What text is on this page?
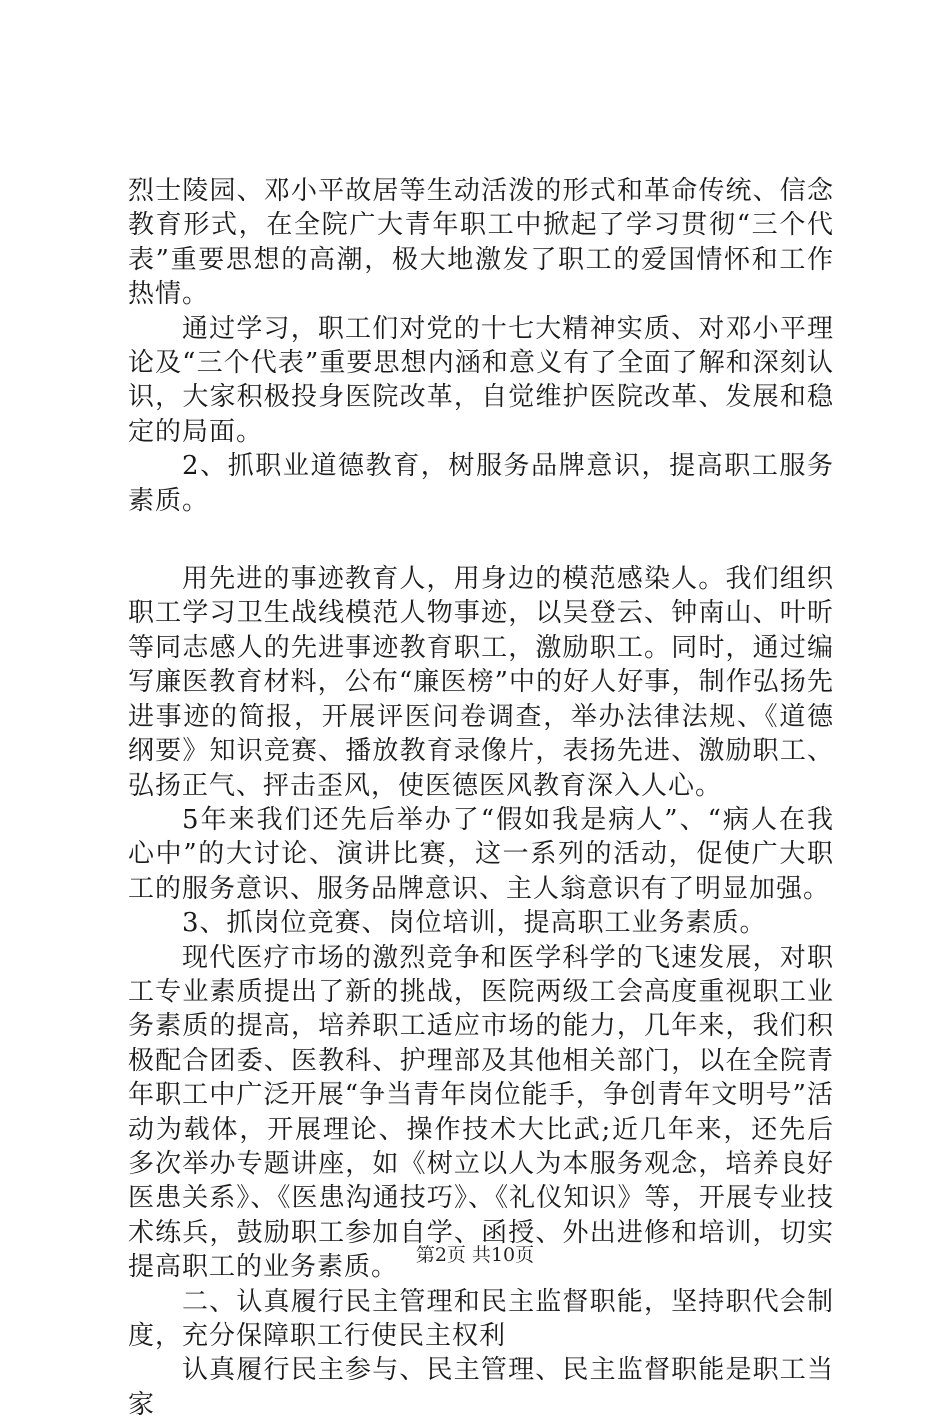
烈士陵园、邓小平故居等生动活泼的形式和革命传统、信念教育形式，在全院广大青年职工中掀起了学习贯彻“三个代表”重要思想的高潮，极大地激发了职工的爱国情怀和工作热情。

通过学习，职工们对党的十七大精神实质、对邓小平理论及“三个代表”重要思想内涵和意义有了全面了解和深刻认识，大家积极投身医院改革，自觉维护医院改革、发展和稳定的局面。

2、抓职业道德教育，树服务品牌意识，提高职工服务素质。

用先进的事迹教育人，用身边的模范感染人。我们组织职工学习卫生战线模范人物事迹，以吴登云、钟南山、叶昕等同志感人的先进事迹教育职工，激励职工。同时，通过编写廉医教育材料，公布“廉医榜”中的好人好事，制作弘扬先进事迹的简报，开展评医问卷调查，举办法律法规、《道德纲要》知识竞赛、播放教育录像片，表扬先进、激励职工、弘扬正气、抨击歪风，使医德医风教育深入人心。

5年来我们还先后举办了“假如我是病人”、“病人在我心中”的大讨论、演讲比赛，这一系列的活动，促使广大职工的服务意识、服务品牌意识、主人翁意识有了明显加强。

3、抓岗位竞赛、岗位培训，提高职工业务素质。

现代医疗市场的激烈竞争和医学科学的飞速发展，对职工专业素质提出了新的挑战，医院两级工会高度重视职工业务素质的提高，培养职工适应市场的能力，几年来，我们积极配合团委、医教科、护理部及其他相关部门，以在全院青年职工中广泛开展“争当青年岗位能手，争创青年文明号”活动为载体，开展理论、操作技术大比武;近几年来，还先后多次举办专题讲座，如《树立以人为本服务观念，培养良好医患关系》、《医患沟通技巧》、《礼仪知识》等，开展专业技术练兵，鼓励职工参加自学、函授、外出进修和培训，切实提高职工的业务素质。

二、认真履行民主管理和民主监督职能，坚持职代会制度，充分保障职工行使民主权利

认真履行民主参与、民主管理、民主监督职能是职工当家

第2页 共10页
